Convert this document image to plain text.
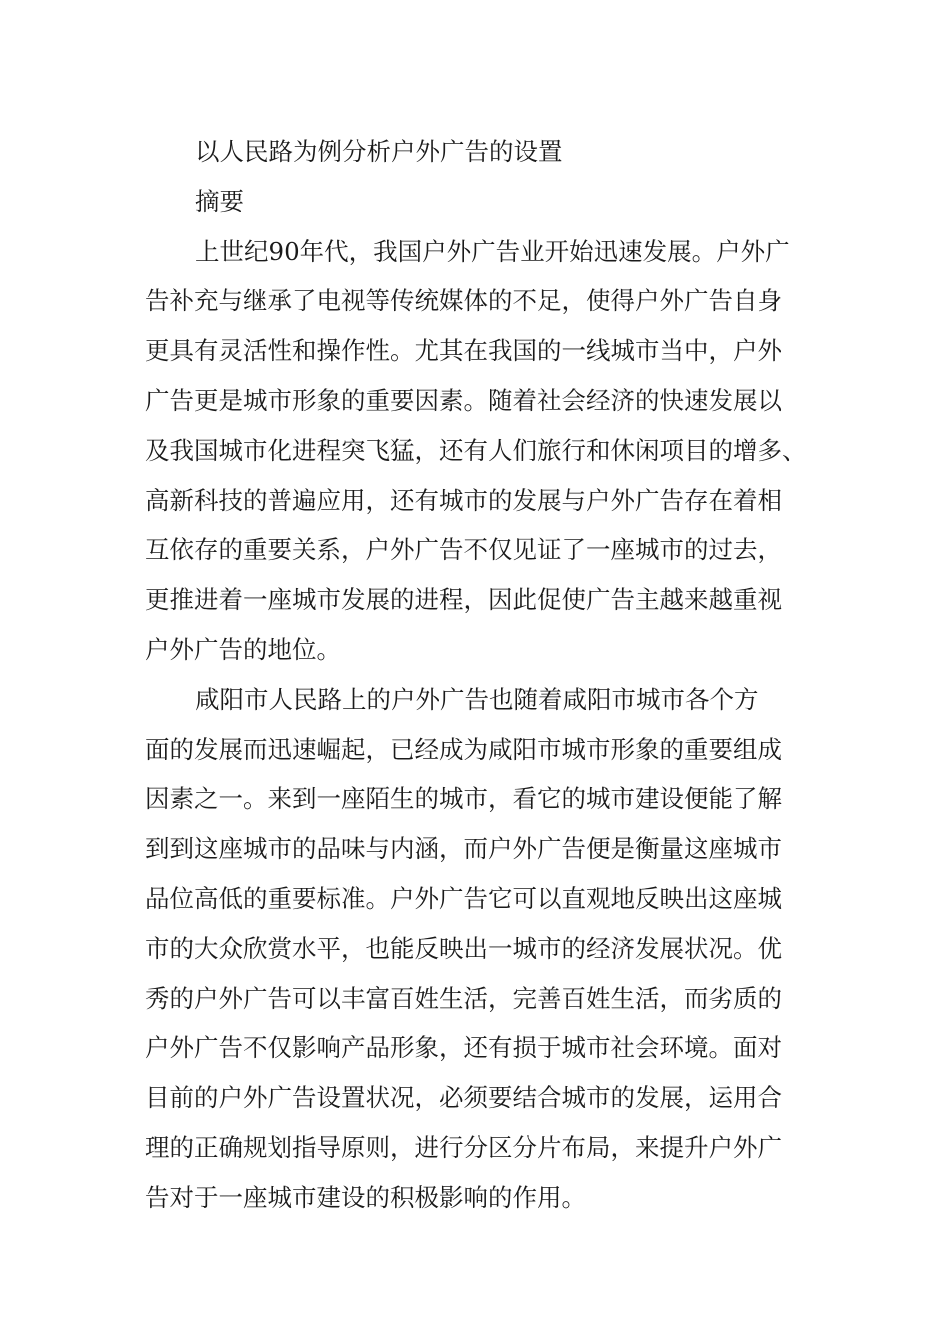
以人民路为例分析户外广告的设置
摘要
上世纪90年代，我国户外广告业开始迅速发展。户外广
告补充与继承了电视等传统媒体的不足，使得户外广告自身
更具有灵活性和操作性。尤其在我国的一线城市当中，户外
广告更是城市形象的重要因素。随着社会经济的快速发展以
及我国城市化进程突飞猛，还有人们旅行和休闲项目的增多、
高新科技的普遍应用，还有城市的发展与户外广告存在着相
互依存的重要关系，户外广告不仅见证了一座城市的过去，
更推进着一座城市发展的进程，因此促使广告主越来越重视
户外广告的地位。
咸阳市人民路上的户外广告也随着咸阳市城市各个方
面的发展而迅速崛起，已经成为咸阳市城市形象的重要组成
因素之一。来到一座陌生的城市，看它的城市建设便能了解
到到这座城市的品味与内涵，而户外广告便是衡量这座城市
品位高低的重要标准。户外广告它可以直观地反映出这座城
市的大众欣赏水平，也能反映出一城市的经济发展状况。优
秀的户外广告可以丰富百姓生活，完善百姓生活，而劣质的
户外广告不仅影响产品形象，还有损于城市社会环境。面对
目前的户外广告设置状况，必须要结合城市的发展，运用合
理的正确规划指导原则，进行分区分片布局，来提升户外广
告对于一座城市建设的积极影响的作用。
